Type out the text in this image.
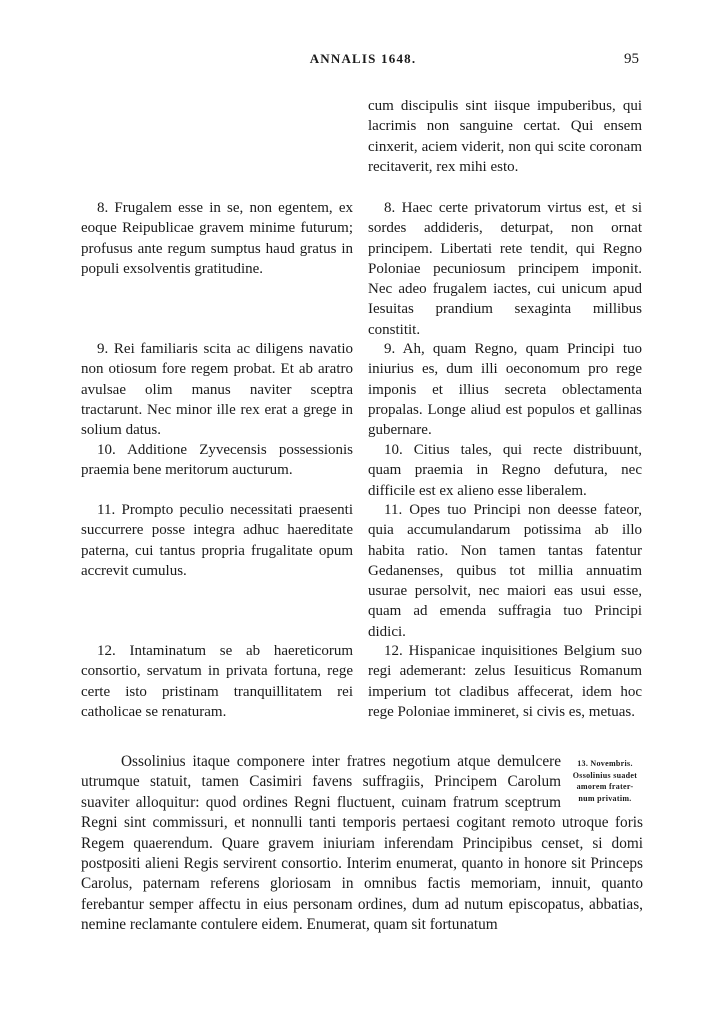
ANNALIS 1648.	95

cum discipulis sint iisque impuberibus, qui lacrimis non sanguine certat. Qui ensem cinxerit, aciem viderit, non qui scite coronam recitaverit, rex mihi esto.

8. Haec certe privatorum virtus est, et si sordes addideris, deturpat, non ornat principem. Libertati rete tendit, qui Regno Poloniae pecuniosum principem imponit. Nec adeo frugalem iactes, cui unicum apud Iesuitas prandium sexaginta millibus constitit.

9. Ah, quam Regno, quam Principi tuo iniurius es, dum illi oeconomum pro rege imponis et illius secreta oblectamenta propalas. Longe aliud est populos et gallinas gubernare.

10. Citius tales, qui recte distribuunt, quam praemia in Regno defutura, nec difficile est ex alieno esse liberalem.

11. Opes tuo Principi non deesse fateor, quia accumulandarum potissima ab illo habita ratio. Non tamen tantas fatentur Gedanenses, quibus tot millia annuatim usurae persolvit, nec maiori eas usui esse, quam ad emenda suffragia tuo Principi didici.

12. Hispanicae inquisitiones Belgium suo regi ademerant: zelus Iesuiticus Romanum imperium tot cladibus affecerat, idem hoc rege Poloniae immineret, si civis es, metuas.

8. Frugalem esse in se, non egentem, ex eoque Reipublicae gravem minime futurum; profusus ante regum sumptus haud gratus in populi exsolventis gratitudine.

9. Rei familiaris scita ac diligens navatio non otiosum fore regem probat. Et ab aratro avulsae olim manus naviter sceptra tractarunt. Nec minor ille rex erat a grege in solium datus.

10. Additione Zyvecensis possessionis praemia bene meritorum aucturum.

11. Prompto peculio necessitati praesenti succurrere posse integra adhuc haereditate paterna, cui tantus propria frugalitate opum accrevit cumulus.

12. Intaminatum se ab haereticorum consortio, servatum in privata fortuna, rege certe isto pristinam tranquillitatem rei catholicae se renaturam.

Ossolinius itaque componere inter fratres negotium atque demulcere utrumque statuit, tamen Casimiri favens suffragiis, Principem Carolum suaviter alloquitur: quod ordines Regni fluctuent, cuinam fratrum sceptrum Regni sint commissuri, et nonnulli tanti temporis pertaesi cogitant remoto utroque foris Regem quaerendum. Quare gravem iniuriam inferendam Principibus censet, si domi postpositi alieni Regis servirent consortio. Interim enumerat, quanto in honore sit Princeps Carolus, paternam referens gloriosam in omnibus factis memoriam, innuit, quanto ferebantur semper affectu in eius personam ordines, dum ad nutum episcopatus, abbatias, nemine reclamante contulere eidem. Enumerat, quam sit fortunatum
13. Novembris.
Ossolinius suadet
amorem frater-
num privatim.
